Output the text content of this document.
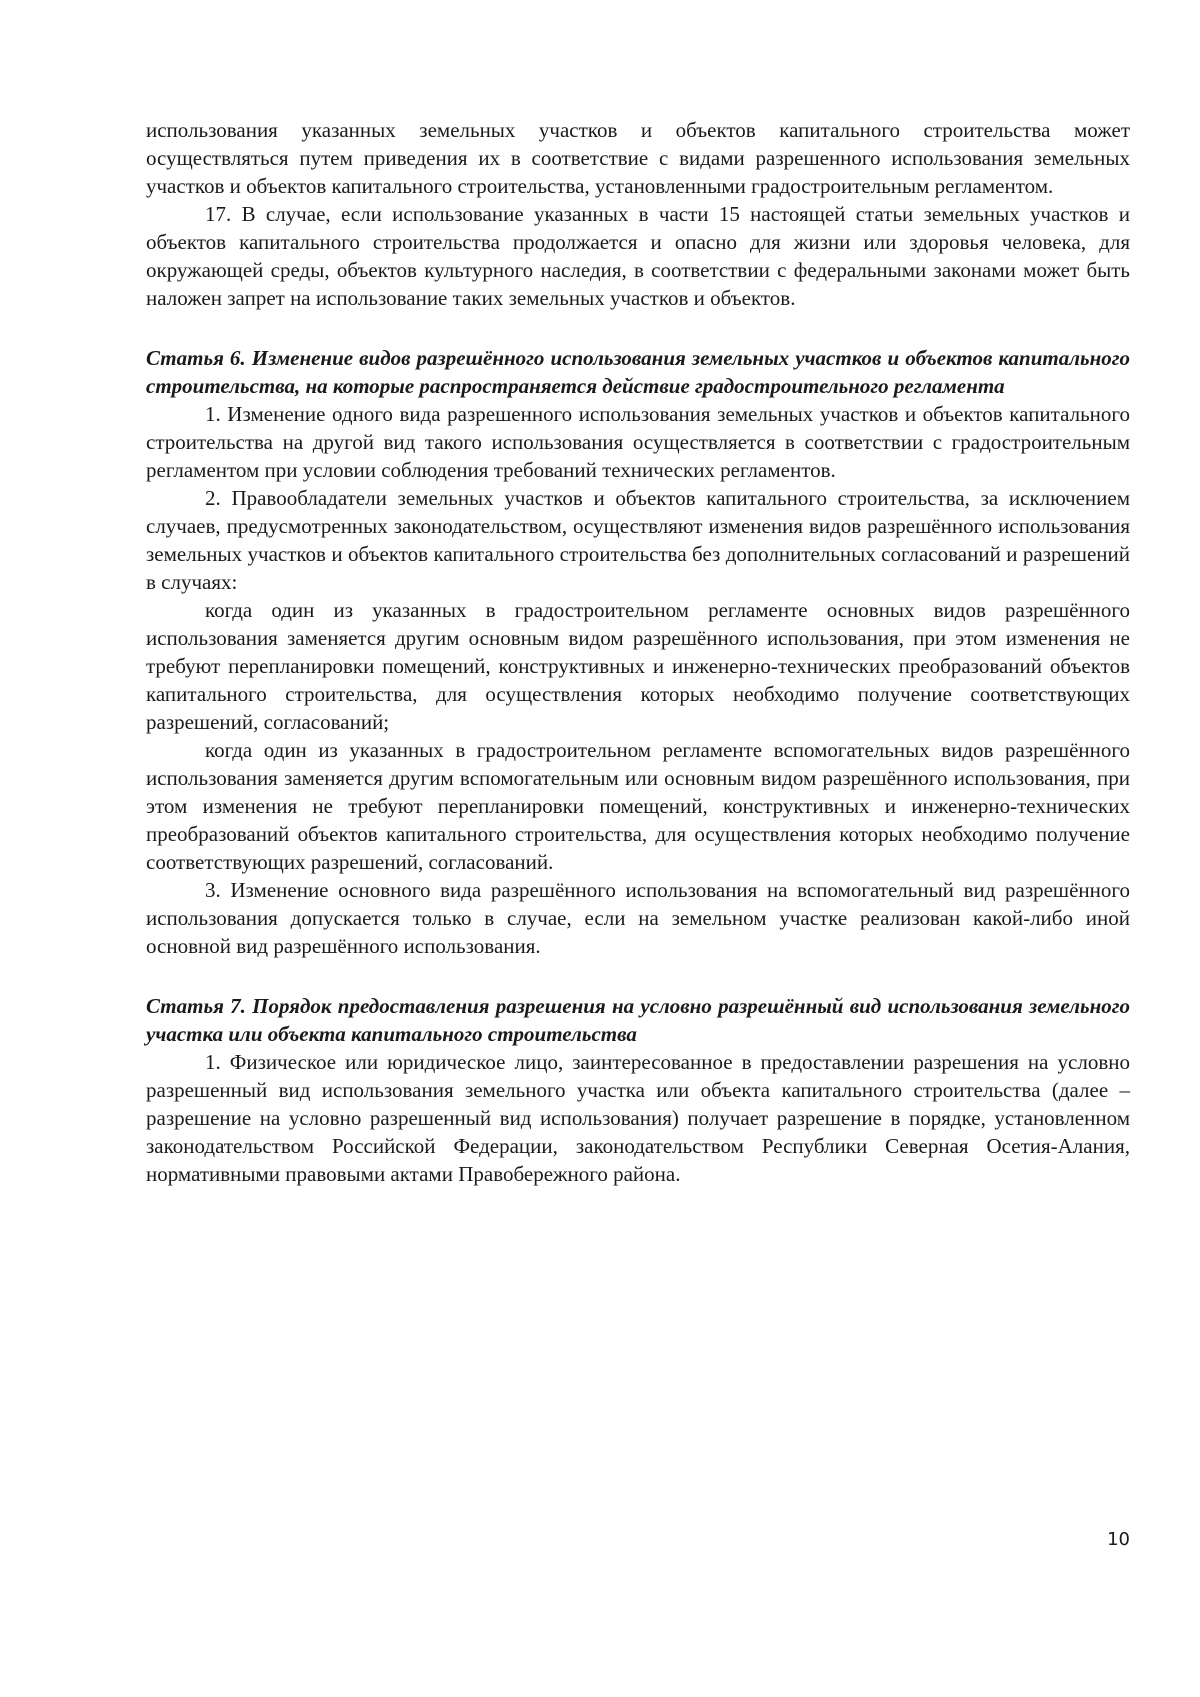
использования указанных земельных участков и объектов капитального строительства может осуществляться путем приведения их в соответствие с видами разрешенного использования земельных участков и объектов капитального строительства, установленными градостроительным регламентом.

17. В случае, если использование указанных в части 15 настоящей статьи земельных участков и объектов капитального строительства продолжается и опасно для жизни или здоровья человека, для окружающей среды, объектов культурного наследия, в соответствии с федеральными законами может быть наложен запрет на использование таких земельных участков и объектов.

Статья 6. Изменение видов разрешённого использования земельных участков и объектов капитального строительства, на которые распространяется действие градостроительного регламента

1. Изменение одного вида разрешенного использования земельных участков и объектов капитального строительства на другой вид такого использования осуществляется в соответствии с градостроительным регламентом при условии соблюдения требований технических регламентов.

2. Правообладатели земельных участков и объектов капитального строительства, за исключением случаев, предусмотренных законодательством, осуществляют изменения видов разрешённого использования земельных участков и объектов капитального строительства без дополнительных согласований и разрешений в случаях:

когда один из указанных в градостроительном регламенте основных видов разрешённого использования заменяется другим основным видом разрешённого использования, при этом изменения не требуют перепланировки помещений, конструктивных и инженерно-технических преобразований объектов капитального строительства, для осуществления которых необходимо получение соответствующих разрешений, согласований;

когда один из указанных в градостроительном регламенте вспомогательных видов разрешённого использования заменяется другим вспомогательным или основным видом разрешённого использования, при этом изменения не требуют перепланировки помещений, конструктивных и инженерно-технических преобразований объектов капитального строительства, для осуществления которых необходимо получение соответствующих разрешений, согласований.

3. Изменение основного вида разрешённого использования на вспомогательный вид разрешённого использования допускается только в случае, если на земельном участке реализован какой-либо иной основной вид разрешённого использования.

Статья 7. Порядок предоставления разрешения на условно разрешённый вид использования земельного участка или объекта капитального строительства

1. Физическое или юридическое лицо, заинтересованное в предоставлении разрешения на условно разрешенный вид использования земельного участка или объекта капитального строительства (далее – разрешение на условно разрешенный вид использования) получает разрешение в порядке, установленном законодательством Российской Федерации, законодательством Республики Северная Осетия-Алания, нормативными правовыми актами Правобережного района.

10
